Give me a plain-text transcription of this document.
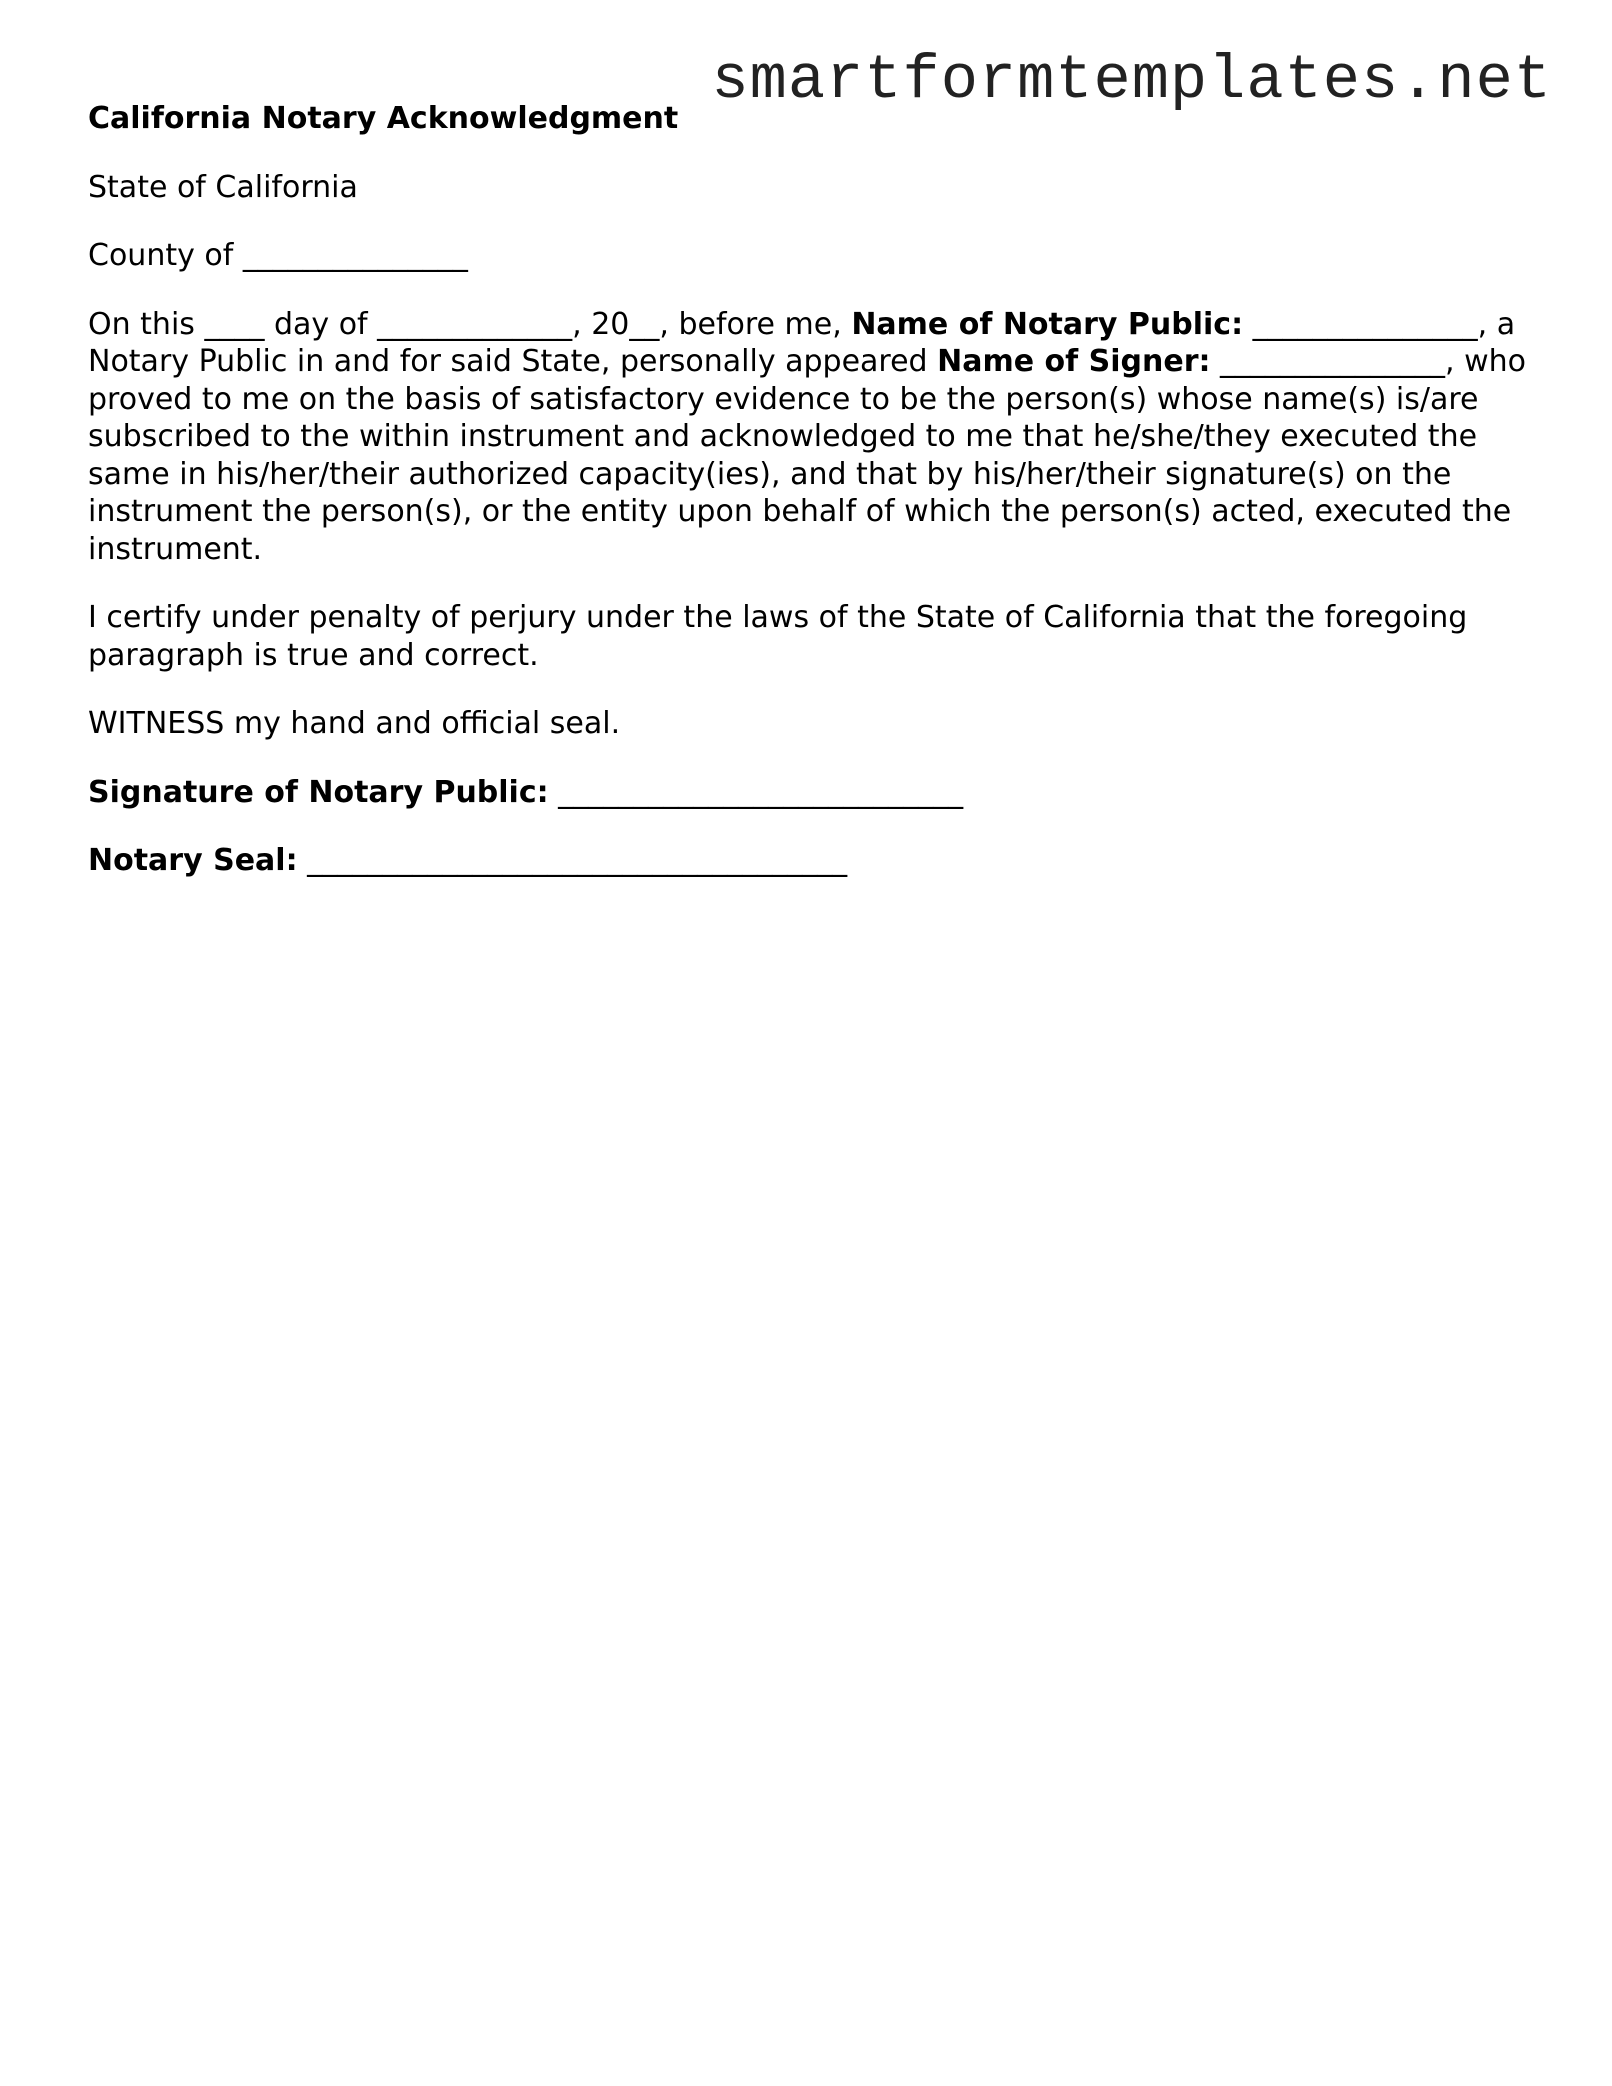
smartformtemplates.net

California Notary Acknowledgment

State of California

County of _______________

On this ____ day of _____________, 20__, before me, Name of Notary Public: _______________, a Notary Public in and for said State, personally appeared Name of Signer: _______________, who proved to me on the basis of satisfactory evidence to be the person(s) whose name(s) is/are subscribed to the within instrument and acknowledged to me that he/she/they executed the same in his/her/their authorized capacity(ies), and that by his/her/their signature(s) on the instrument the person(s), or the entity upon behalf of which the person(s) acted, executed the instrument.

I certify under penalty of perjury under the laws of the State of California that the foregoing paragraph is true and correct.

WITNESS my hand and official seal.

Signature of Notary Public: ___________________________

Notary Seal: ____________________________________
